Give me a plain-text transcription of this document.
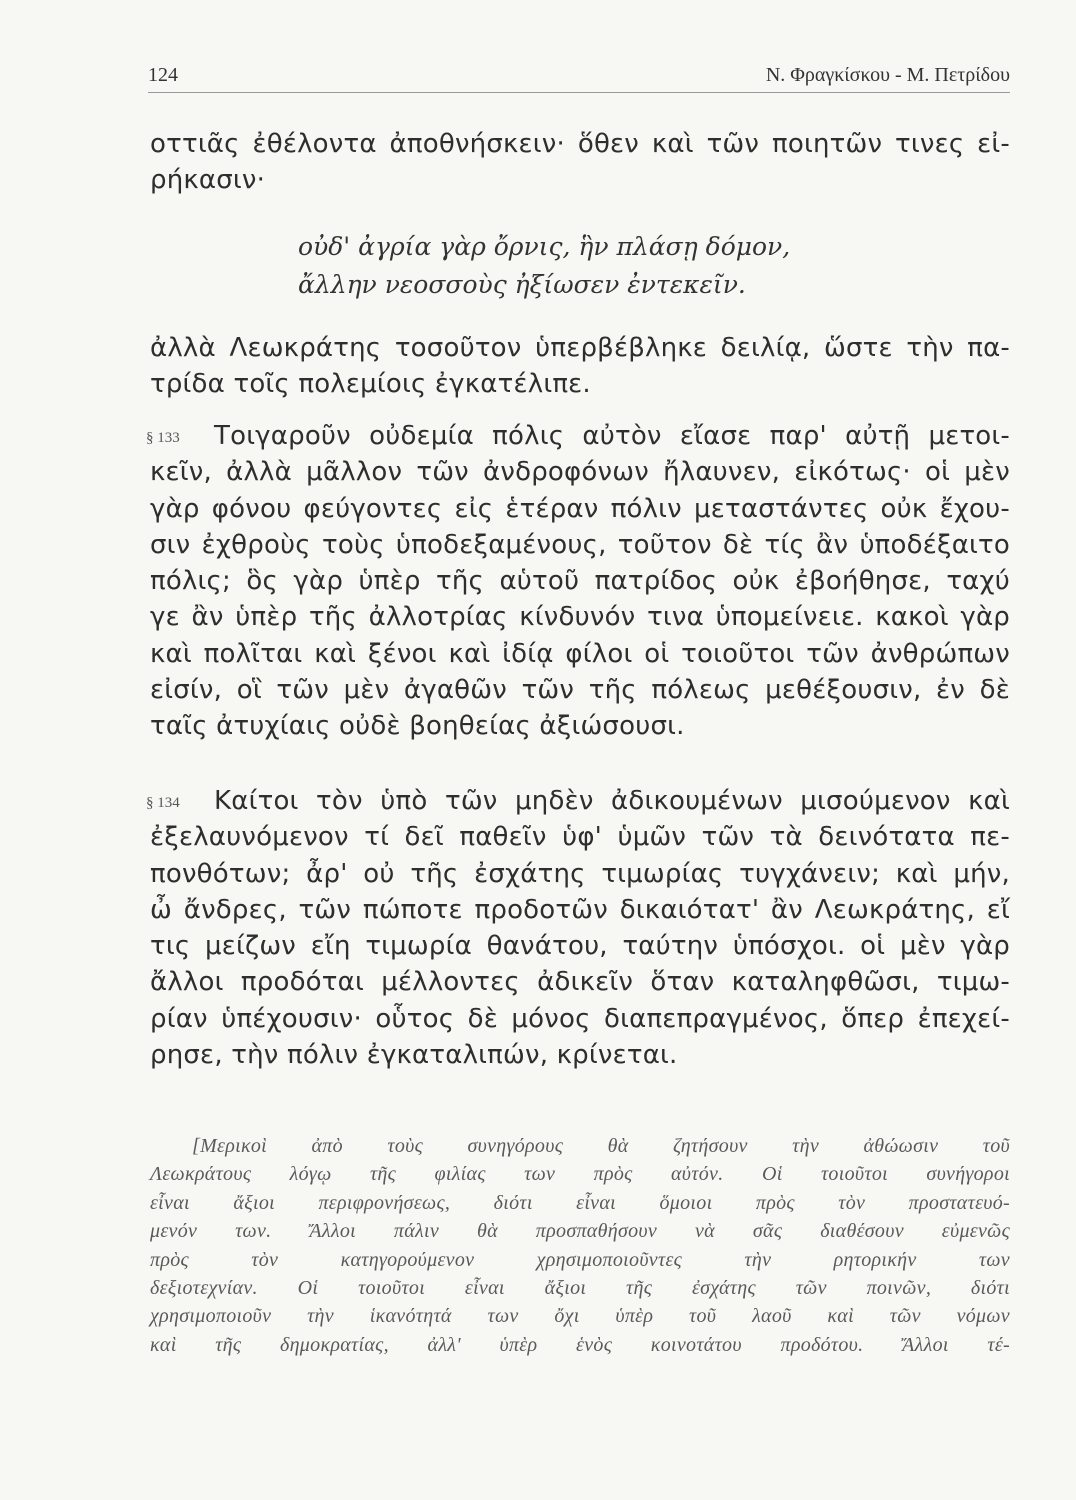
124	Ν. Φραγκίσκου - Μ. Πετρίδου
οττιᾶς ἐθέλοντα ἀποθνήσκειν· ὅθεν καὶ τῶν ποιητῶν τινες εἰ-
ρήκασιν·
οὐδ' ἀγρία γὰρ ὄρνις, ἣν πλάσῃ δόμον,
ἄλλην νεοσσοὺς ἠξίωσεν ἐντεκεῖν.
ἀλλὰ Λεωκράτης τοσοῦτον ὑπερβέβληκε δειλίᾳ, ὥστε τὴν πα-
τρίδα τοῖς πολεμίοις ἐγκατέλιπε.
§ 133	Τοιγαροῦν οὐδεμία πόλις αὐτὸν εἴασε παρ' αὐτῇ μετοι-
κεῖν, ἀλλὰ μᾶλλον τῶν ἀνδροφόνων ἤλαυνεν, εἰκότως· οἱ μὲν
γὰρ φόνου φεύγοντες εἰς ἑτέραν πόλιν μεταστάντες οὐκ ἔχου-
σιν ἐχθροὺς τοὺς ὑποδεξαμένους, τοῦτον δὲ τίς ἂν ὑποδέξαιτο
πόλις; ὃς γὰρ ὑπὲρ τῆς αὑτοῦ πατρίδος οὐκ ἐβοήθησε, ταχύ
γε ἂν ὑπὲρ τῆς ἀλλοτρίας κίνδυνόν τινα ὑπομείνειε. κακοὶ γὰρ
καὶ πολῖται καὶ ξένοι καὶ ἰδίᾳ φίλοι οἱ τοιοῦτοι τῶν ἀνθρώπων
εἰσίν, οἳ τῶν μὲν ἀγαθῶν τῶν τῆς πόλεως μεθέξουσιν, ἐν δὲ
ταῖς ἀτυχίαις οὐδὲ βοηθείας ἀξιώσουσι.
§ 134	Καίτοι τὸν ὑπὸ τῶν μηδὲν ἀδικουμένων μισούμενον καὶ
ἐξελαυνόμενον τί δεῖ παθεῖν ὑφ' ὑμῶν τῶν τὰ δεινότατα πε-
πονθότων; ἆρ' οὐ τῆς ἐσχάτης τιμωρίας τυγχάνειν; καὶ μήν,
ὦ ἄνδρες, τῶν πώποτε προδοτῶν δικαιότατ' ἂν Λεωκράτης, εἴ
τις μείζων εἴη τιμωρία θανάτου, ταύτην ὑπόσχοι. οἱ μὲν γὰρ
ἄλλοι προδόται μέλλοντες ἀδικεῖν ὅταν καταληφθῶσι, τιμω-
ρίαν ὑπέχουσιν· οὗτος δὲ μόνος διαπεπραγμένος, ὅπερ ἐπεχεί-
ρησε, τὴν πόλιν ἐγκαταλιπών, κρίνεται.
[Μερικοὶ ἀπὸ τοὺς συνηγόρους θὰ ζητήσουν τὴν ἀθώωσιν τοῦ
Λεωκράτους λόγῳ τῆς φιλίας των πρὸς αὐτόν. Οἱ τοιοῦτοι συνήγοροι
εἶναι ἄξιοι περιφρονήσεως, διότι εἶναι ὅμοιοι πρὸς τὸν προστατευό-
μενόν των. Ἄλλοι πάλιν θὰ προσπαθήσουν νὰ σᾶς διαθέσουν εὐμενῶς
πρὸς τὸν κατηγορούμενον χρησιμοποιοῦντες τὴν ρητορικήν των
δεξιοτεχνίαν. Οἱ τοιοῦτοι εἶναι ἄξιοι τῆς ἐσχάτης τῶν ποινῶν, διότι
χρησιμοποιοῦν τὴν ἱκανότητά των ὄχι ὑπὲρ τοῦ λαοῦ καὶ τῶν νόμων
καὶ τῆς δημοκρατίας, ἀλλ' ὑπὲρ ἑνὸς κοινοτάτου προδότου. Ἄλλοι τέ-
